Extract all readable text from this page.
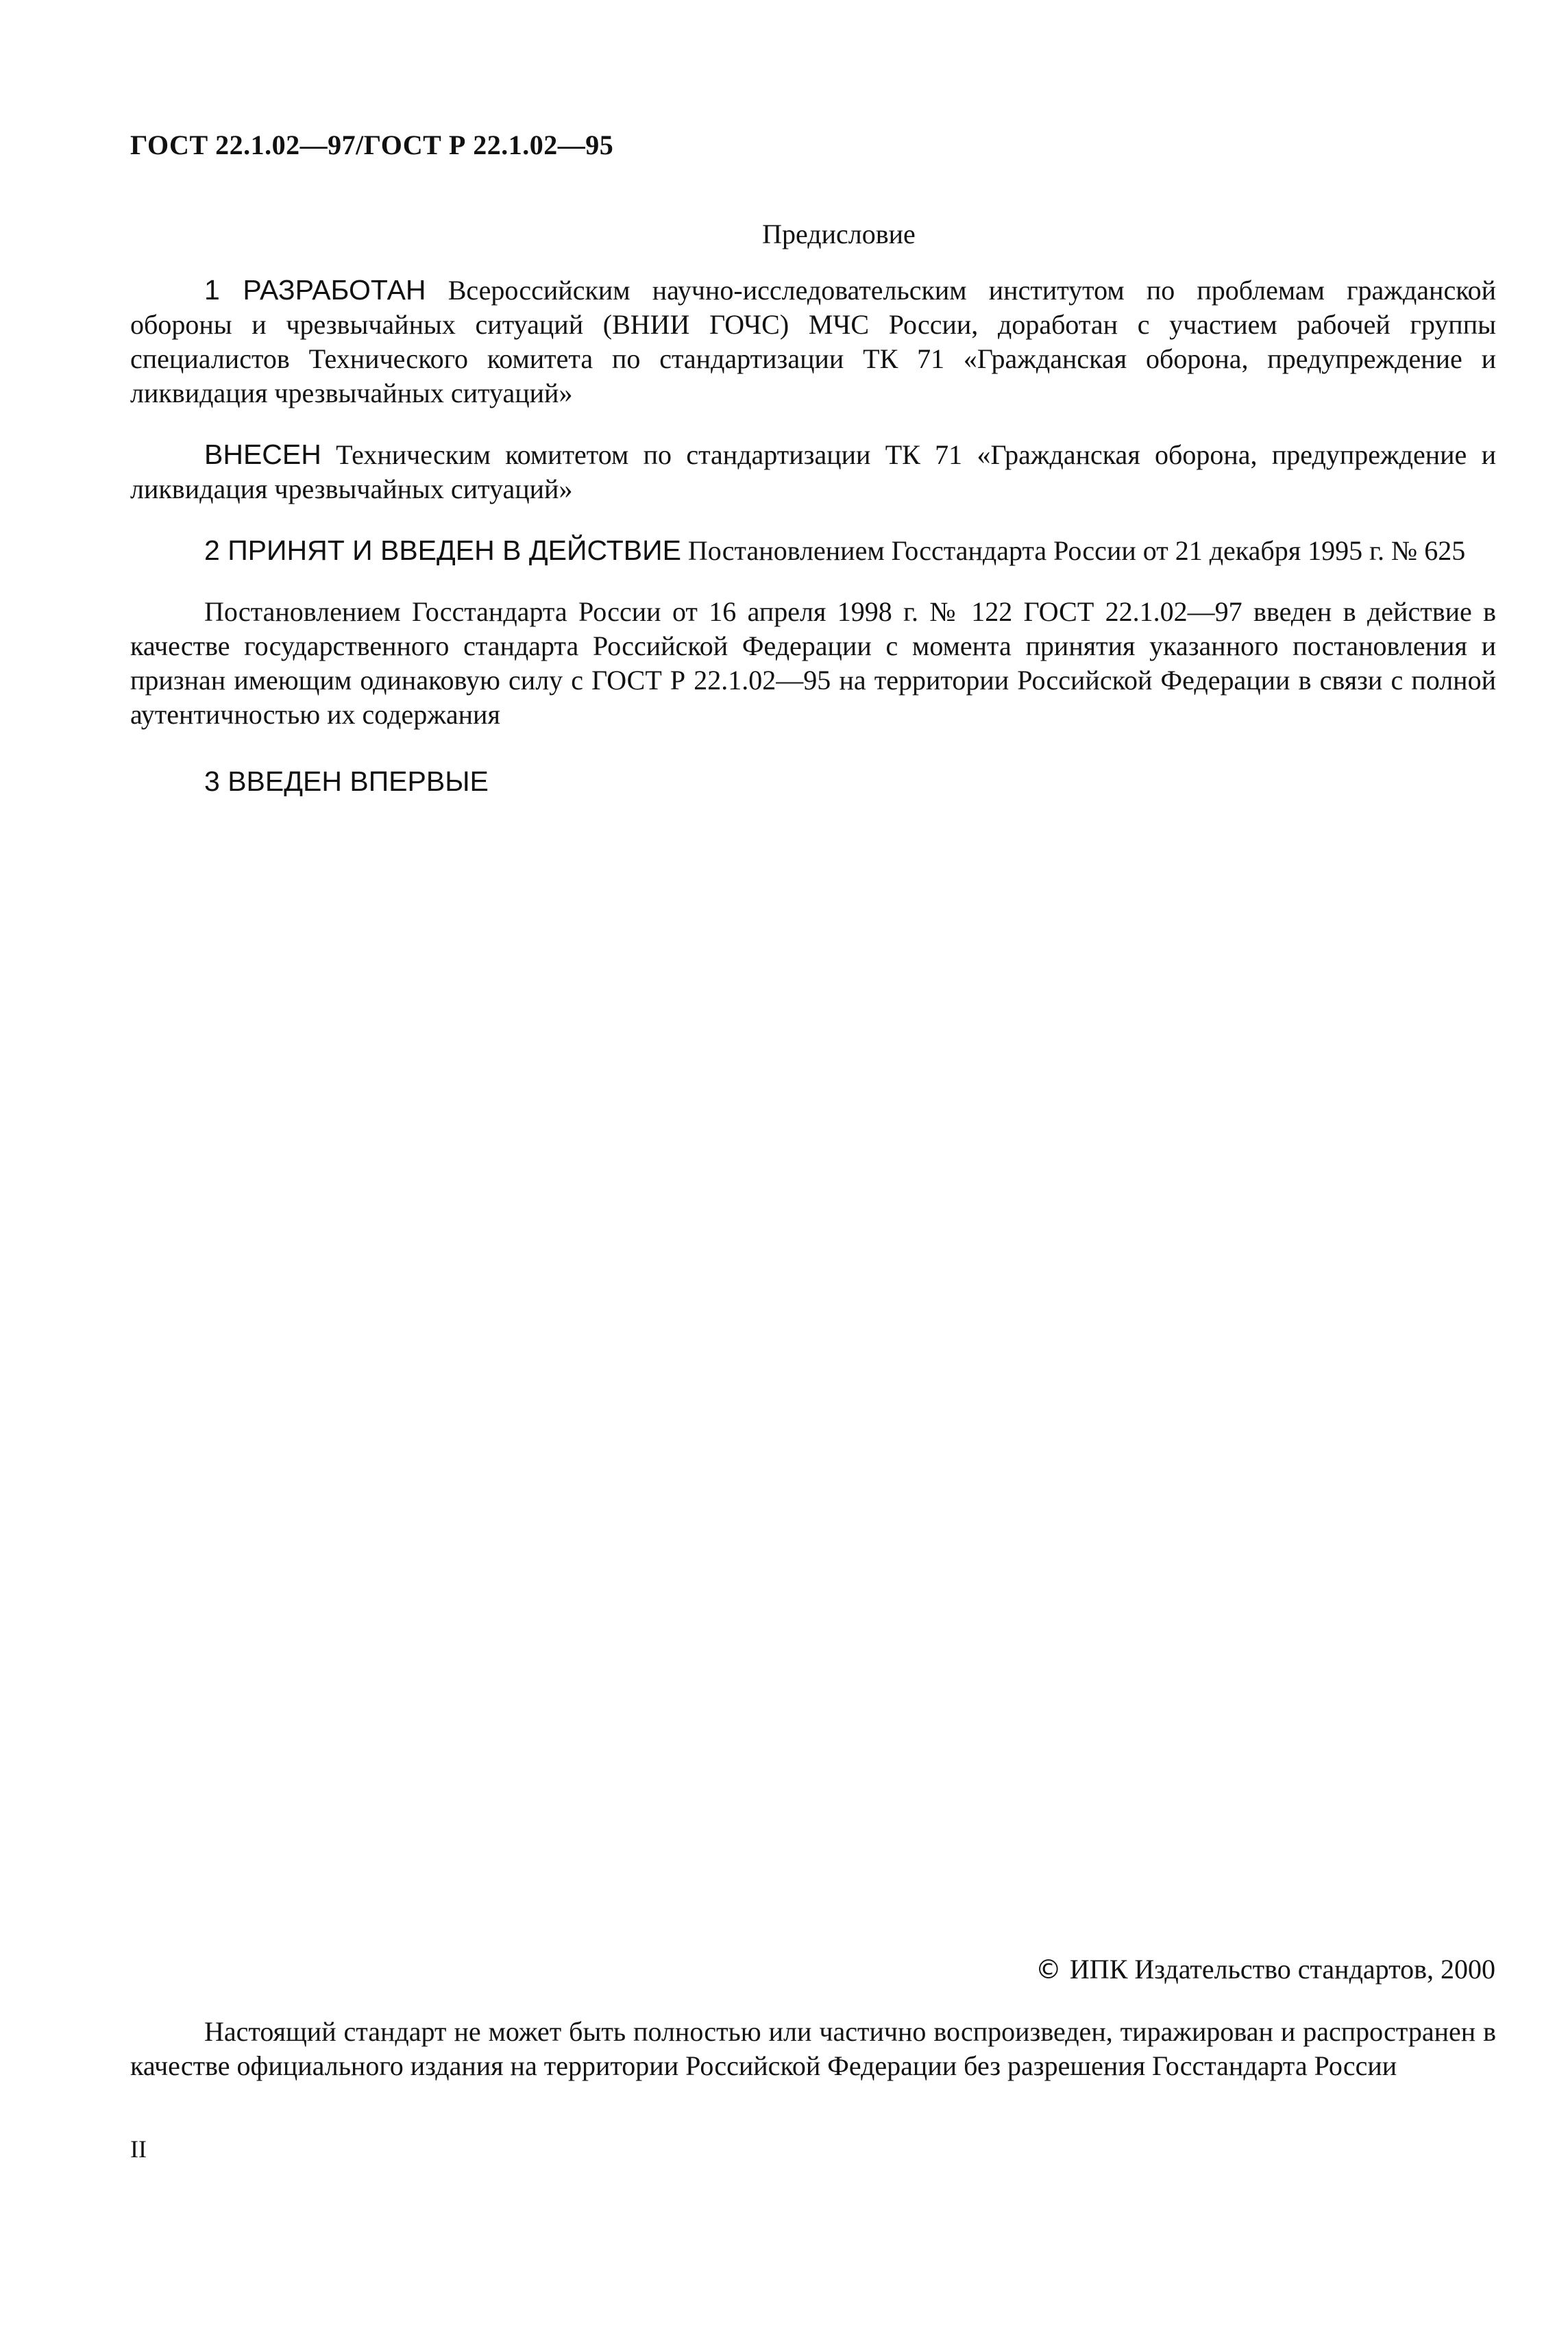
ГОСТ 22.1.02—97/ГОСТ Р 22.1.02—95
Предисловие

1 РАЗРАБОТАН Всероссийским научно-исследовательским институтом по проблемам гражданской обороны и чрезвычайных ситуаций (ВНИИ ГОЧС) МЧС России, доработан с участием рабочей группы специалистов Технического комитета по стандартизации ТК 71 «Гражданская оборона, предупреждение и ликвидация чрезвычайных ситуаций»

ВНЕСЕН Техническим комитетом по стандартизации ТК 71 «Гражданская оборона, предупреждение и ликвидация чрезвычайных ситуаций»

2 ПРИНЯТ И ВВЕДЕН В ДЕЙСТВИЕ Постановлением Госстандарта России от 21 декабря 1995 г. № 625

Постановлением Госстандарта России от 16 апреля 1998 г. № 122 ГОСТ 22.1.02—97 введен в действие в качестве государственного стандарта Российской Федерации с момента принятия указанного постановления и признан имеющим одинаковую силу с ГОСТ Р 22.1.02—95 на территории Российской Федерации в связи с полной аутентичностью их содержания

3 ВВЕДЕН ВПЕРВЫЕ

© ИПК Издательство стандартов, 2000

Настоящий стандарт не может быть полностью или частично воспроизведен, тиражирован и распространен в качестве официального издания на территории Российской Федерации без разрешения Госстандарта России

II
